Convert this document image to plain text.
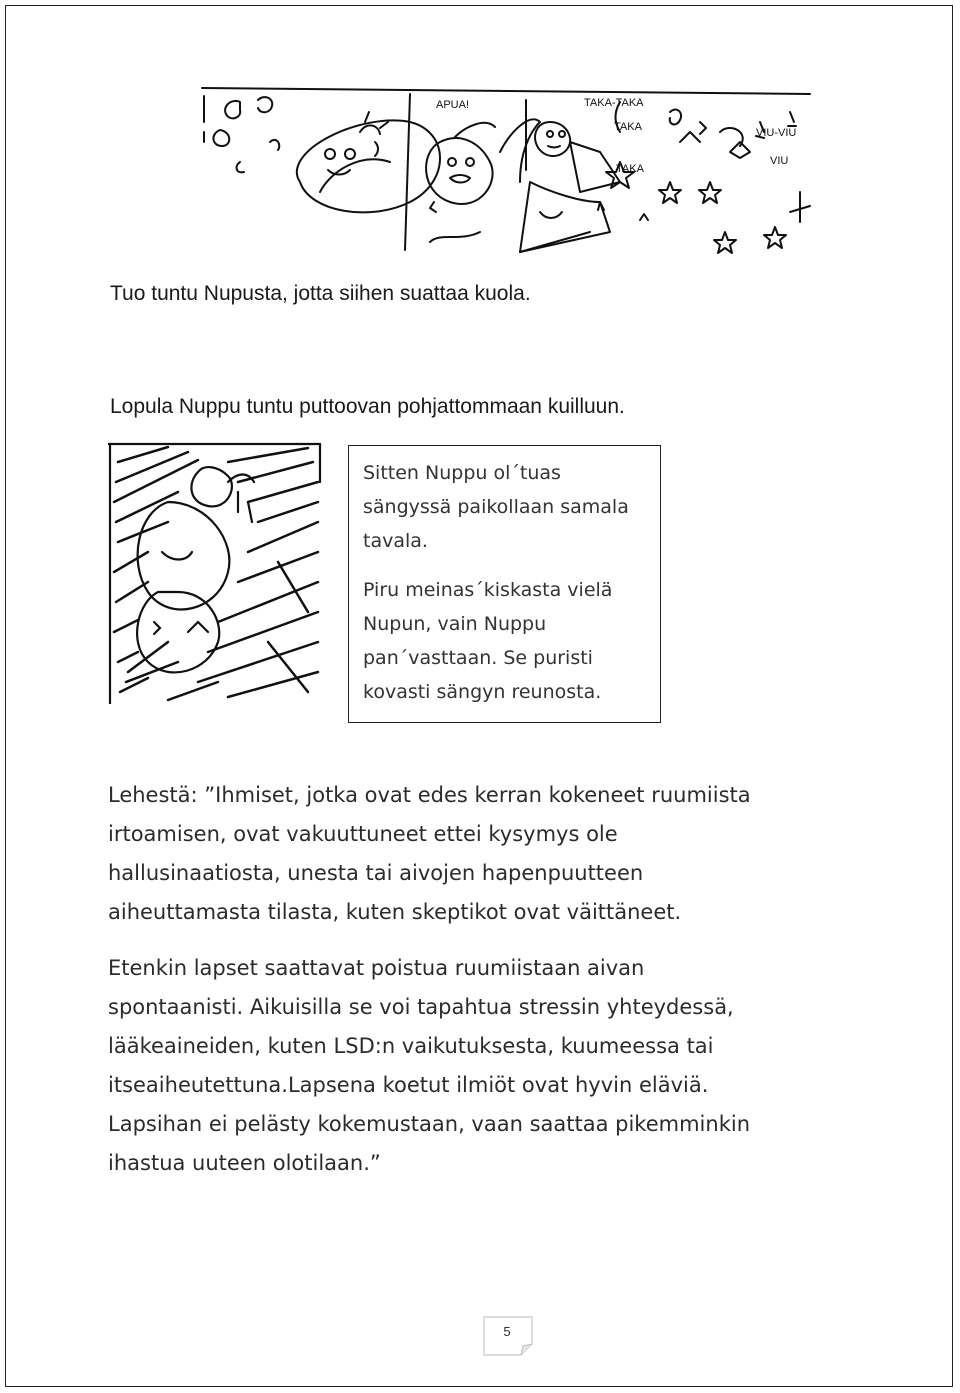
APUA!	TAKA-TAKA
TAKA
TAKA
VIU-VIU
VIU
Tuo tuntu Nupusta, jotta siihen suattaa kuola.
Lopula Nuppu tuntu puttoovan pohjattommaan kuilluun.

Sitten Nuppu ol´tuas
sängyssä paikollaan samala
tavala.

Piru meinas´kiskasta vielä
Nupun, vain Nuppu
pan´vasttaan. Se puristi
kovasti sängyn reunosta.

Lehestä: ”Ihmiset, jotka ovat edes kerran kokeneet ruumiista
irtoamisen, ovat vakuuttuneet ettei kysymys ole
hallusinaatiosta, unesta tai aivojen hapenpuutteen
aiheuttamasta tilasta, kuten skeptikot ovat väittäneet.
Etenkin lapset saattavat poistua ruumiistaan aivan
spontaanisti. Aikuisilla se voi tapahtua stressin yhteydessä,
lääkeaineiden, kuten LSD:n vaikutuksesta, kuumeessa tai
itseaiheutettuna.Lapsena koetut ilmiöt ovat hyvin eläviä.
Lapsihan ei pelästy kokemustaan, vaan saattaa pikemminkin
ihastua uuteen olotilaan.”
5
